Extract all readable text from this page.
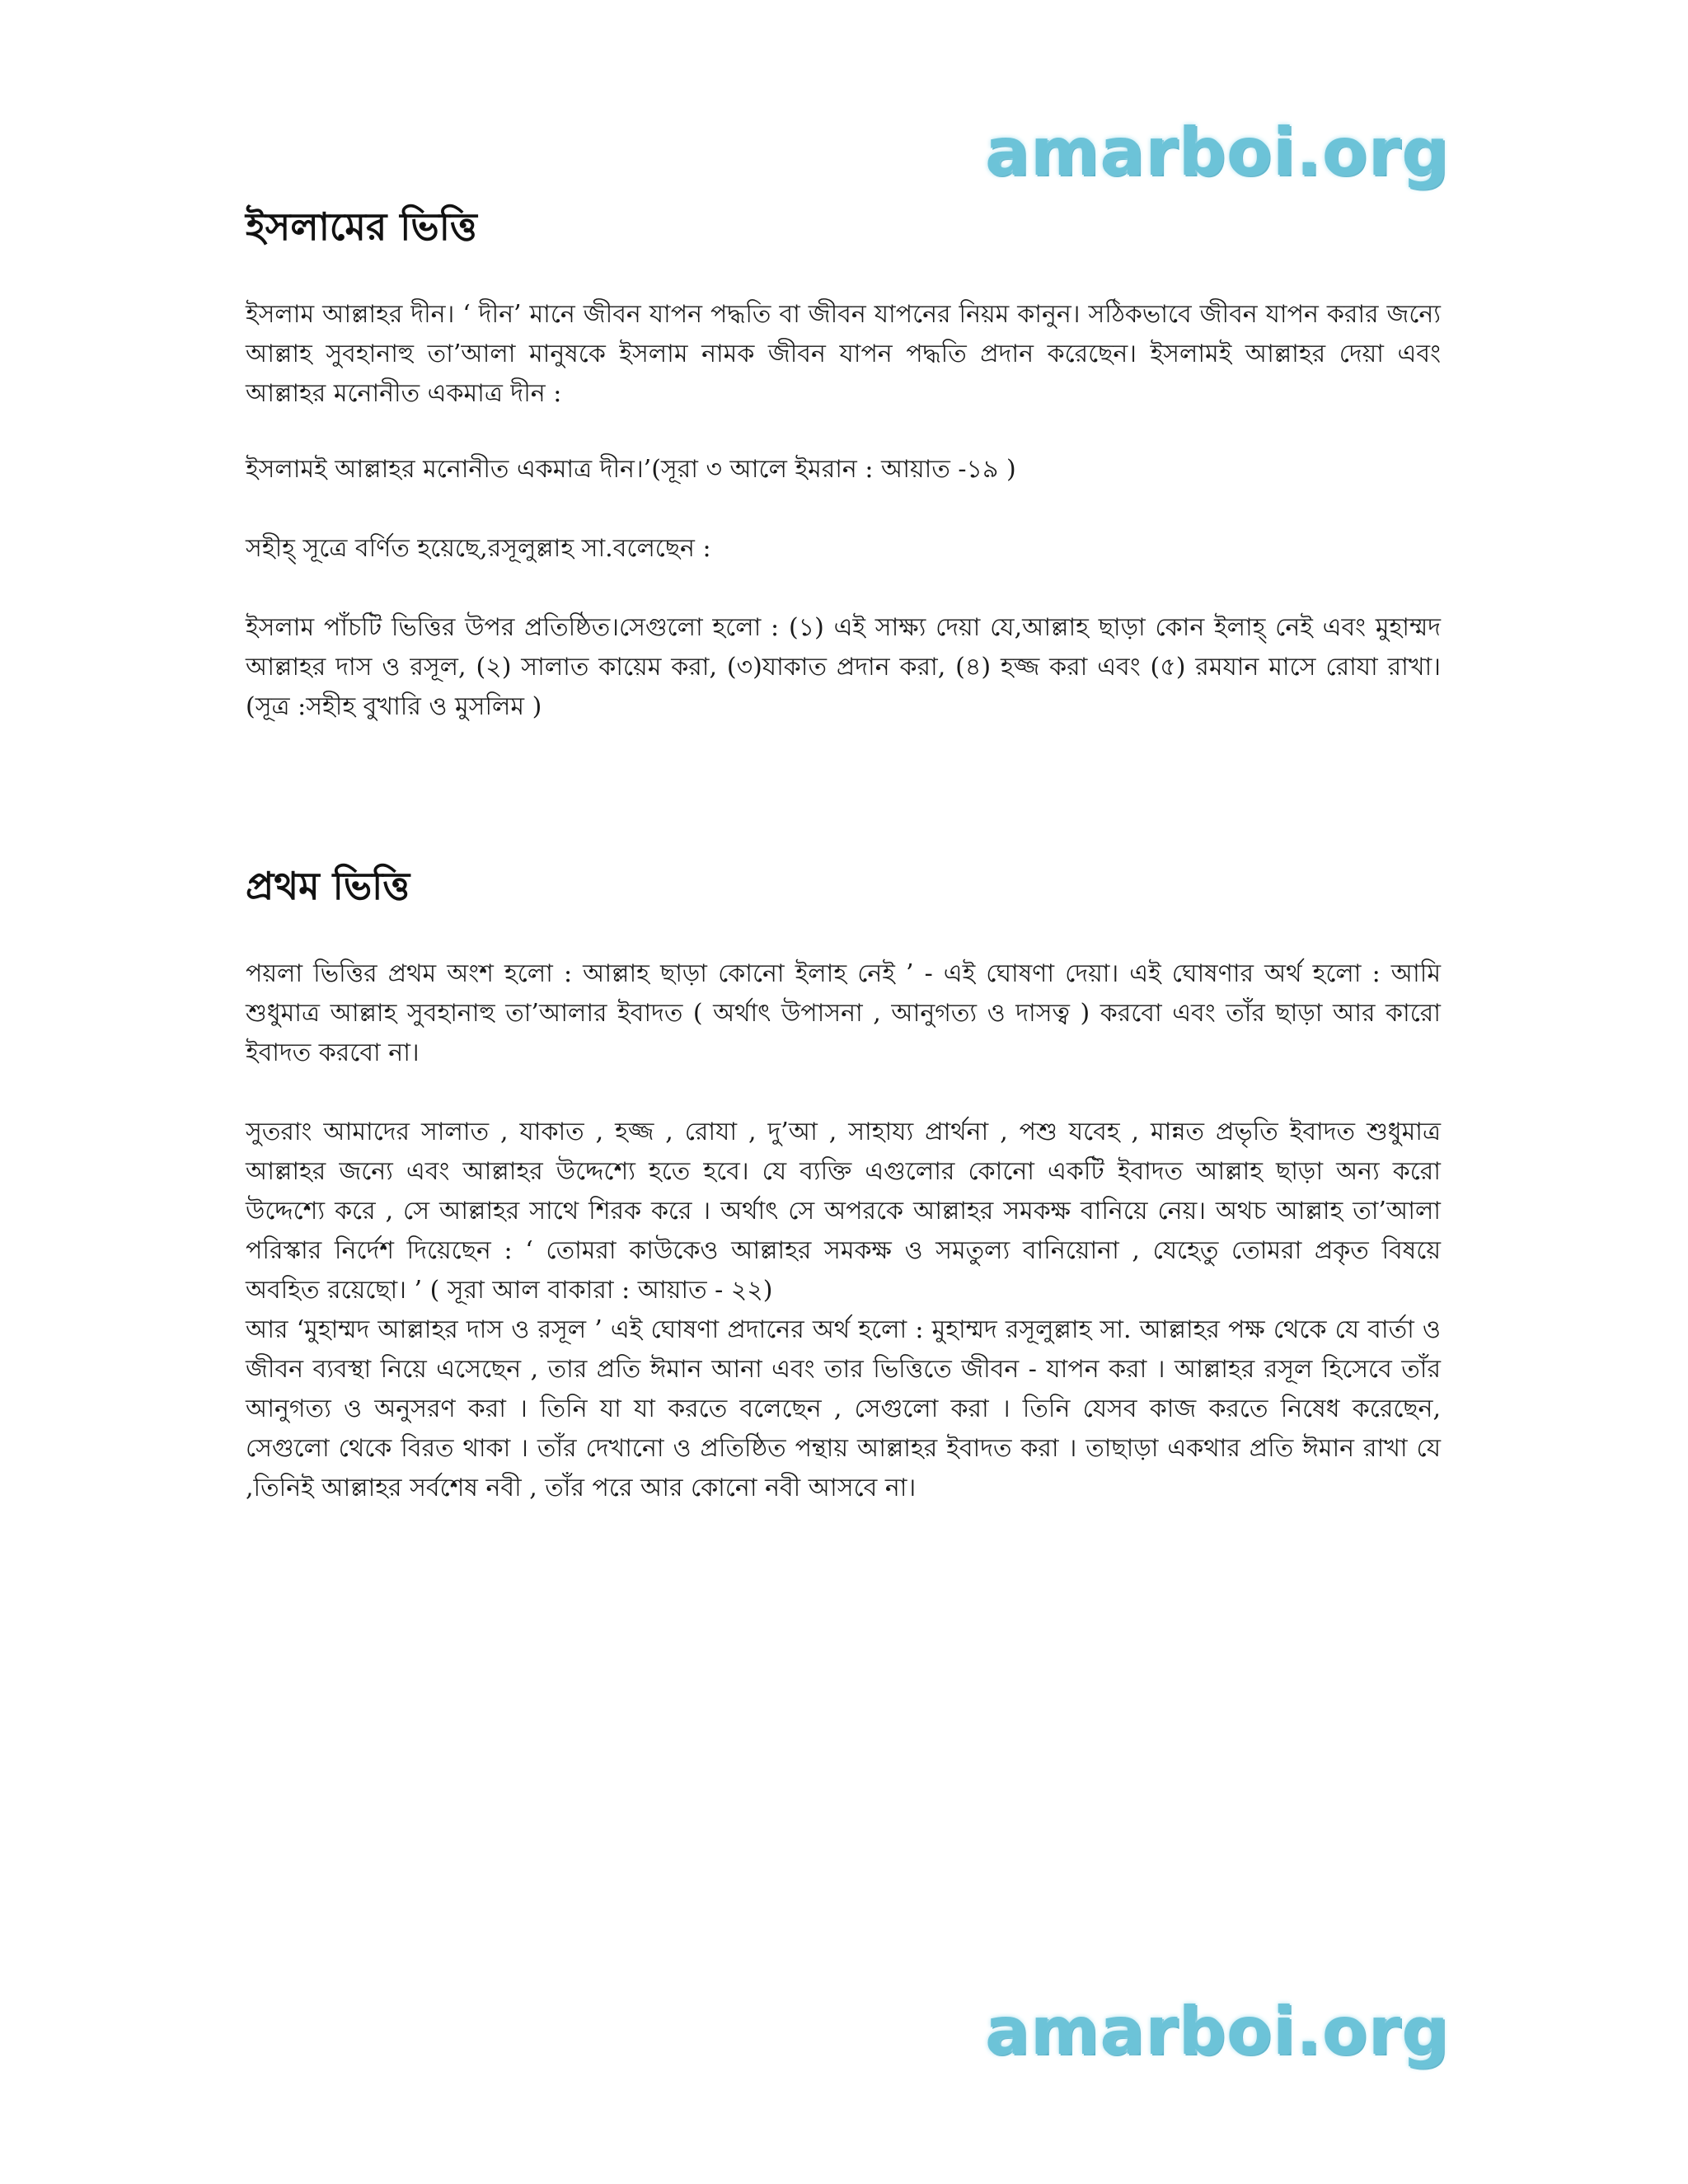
amarboi.org
ইসলামের ভিত্তি

ইসলাম আল্লাহর দীন। ‘ দীন’ মানে জীবন যাপন পদ্ধতি বা জীবন যাপনের নিয়ম কানুন। সঠিকভাবে জীবন যাপন করার জন্যে আল্লাহ সুবহানাহু তা’আলা মানুষকে ইসলাম নামক জীবন যাপন পদ্ধতি প্রদান করেছেন। ইসলামই আল্লাহর দেয়া এবং আল্লাহর মনোনীত একমাত্র দীন :

ইসলামই আল্লাহর মনোনীত একমাত্র দীন।’(সূরা ৩ আলে ইমরান : আয়াত -১৯ )

সহীহ্‌ সূত্রে বর্ণিত হয়েছে,রসূলুল্লাহ সা.বলেছেন :

ইসলাম পাঁচটি ভিত্তির উপর প্রতিষ্ঠিত।সেগুলো হলো : (১) এই সাক্ষ্য দেয়া যে,আল্লাহ ছাড়া কোন ইলাহ্‌ নেই এবং মুহাম্মদ আল্লাহর দাস ও রসূল, (২) সালাত কায়েম করা, (৩)যাকাত প্রদান করা, (৪) হজ্জ করা এবং (৫) রমযান মাসে রোযা রাখা। (সূত্র :সহীহ বুখারি ও মুসলিম )

প্রথম ভিত্তি

পয়লা ভিত্তির প্রথম অংশ হলো : আল্লাহ ছাড়া কোনো ইলাহ নেই ’ - এই ঘোষণা দেয়া। এই ঘোষণার অর্থ হলো : আমি শুধুমাত্র আল্লাহ সুবহানাহু তা’আলার ইবাদত ( অর্থাৎ উপাসনা , আনুগত্য ও দাসত্ব ) করবো এবং তাঁর ছাড়া আর কারো ইবাদত করবো না।

সুতরাং আমাদের সালাত , যাকাত , হজ্জ , রোযা , দু’আ , সাহায্য প্রার্থনা , পশু যবেহ , মান্নত প্রভৃতি ইবাদত শুধুমাত্র আল্লাহর জন্যে এবং আল্লাহর উদ্দেশ্যে হতে হবে। যে ব্যক্তি এগুলোর কোনো একটি ইবাদত আল্লাহ ছাড়া অন্য করো উদ্দেশ্যে করে , সে আল্লাহর সাথে শিরক করে । অর্থাৎ সে অপরকে আল্লাহর সমকক্ষ বানিয়ে নেয়। অথচ আল্লাহ তা’আলা পরিস্কার নির্দেশ দিয়েছেন : ‘ তোমরা কাউকেও আল্লাহর সমকক্ষ ও সমতুল্য বানিয়োনা , যেহেতু তোমরা প্রকৃত বিষয়ে অবহিত রয়েছো। ’ ( সূরা আল বাকারা : আয়াত - ২২)

আর ‘মুহাম্মদ আল্লাহর দাস ও রসূল ’ এই ঘোষণা প্রদানের অর্থ হলো : মুহাম্মদ রসূলুল্লাহ সা. আল্লাহর পক্ষ থেকে যে বার্তা ও জীবন ব্যবস্থা নিয়ে এসেছেন , তার প্রতি ঈমান আনা এবং তার ভিত্তিতে জীবন - যাপন করা । আল্লাহর রসূল হিসেবে তাঁর আনুগত্য ও অনুসরণ করা । তিনি যা যা করতে বলেছেন , সেগুলো করা । তিনি যেসব কাজ করতে নিষেধ করেছেন, সেগুলো থেকে বিরত থাকা । তাঁর দেখানো ও প্রতিষ্ঠিত পন্থায় আল্লাহর ইবাদত করা । তাছাড়া একথার প্রতি ঈমান রাখা যে ,তিনিই আল্লাহর সর্বশেষ নবী , তাঁর পরে আর কোনো নবী আসবে না।

amarboi.org
